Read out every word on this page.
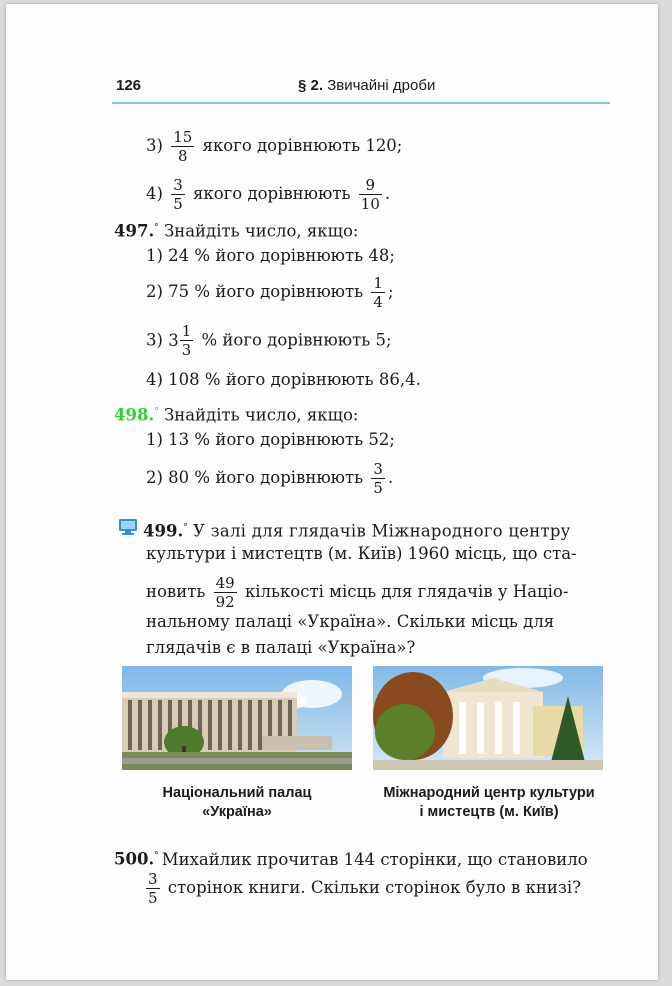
126	§ 2. Звичайні дроби
$3) \frac{15}{8}$ якого дорівнюють 120;
$4) \frac{3}{5}$ якого дорівнюють $\frac{9}{10}$ .
497.° Знайдіть число, якщо:
1) 24 % його дорівнюють 48;
2) 75 % його дорівнюють $\frac{1}{4}$ ;
3) $3 \frac{1}{3}$ % його дорівнюють 5;
4) 108 % його дорівнюють 86,4.
498.° Знайдіть число, якщо:
1) 13 % його дорівнюють 52;
2) 80 % його дорівнюють $\frac{3}{5}$ .
499.° У залі для глядачів Міжнародного центру
культури і мистецтв (м. Київ) 1960 місць, що ста-
новить $\frac{49}{92}$ кількості місць для глядачів у Націо-
нальному палаці «Україна». Скільки місць для
глядачів є в палаці «Україна»?
Національний палац
«Україна»
Міжнародний центр культури
і мистецтв (м. Київ)
500.° Михайлик прочитав 144 сторінки, що становило
$\frac{3}{5}$ сторінок книги. Скільки сторінок було в книзі?
